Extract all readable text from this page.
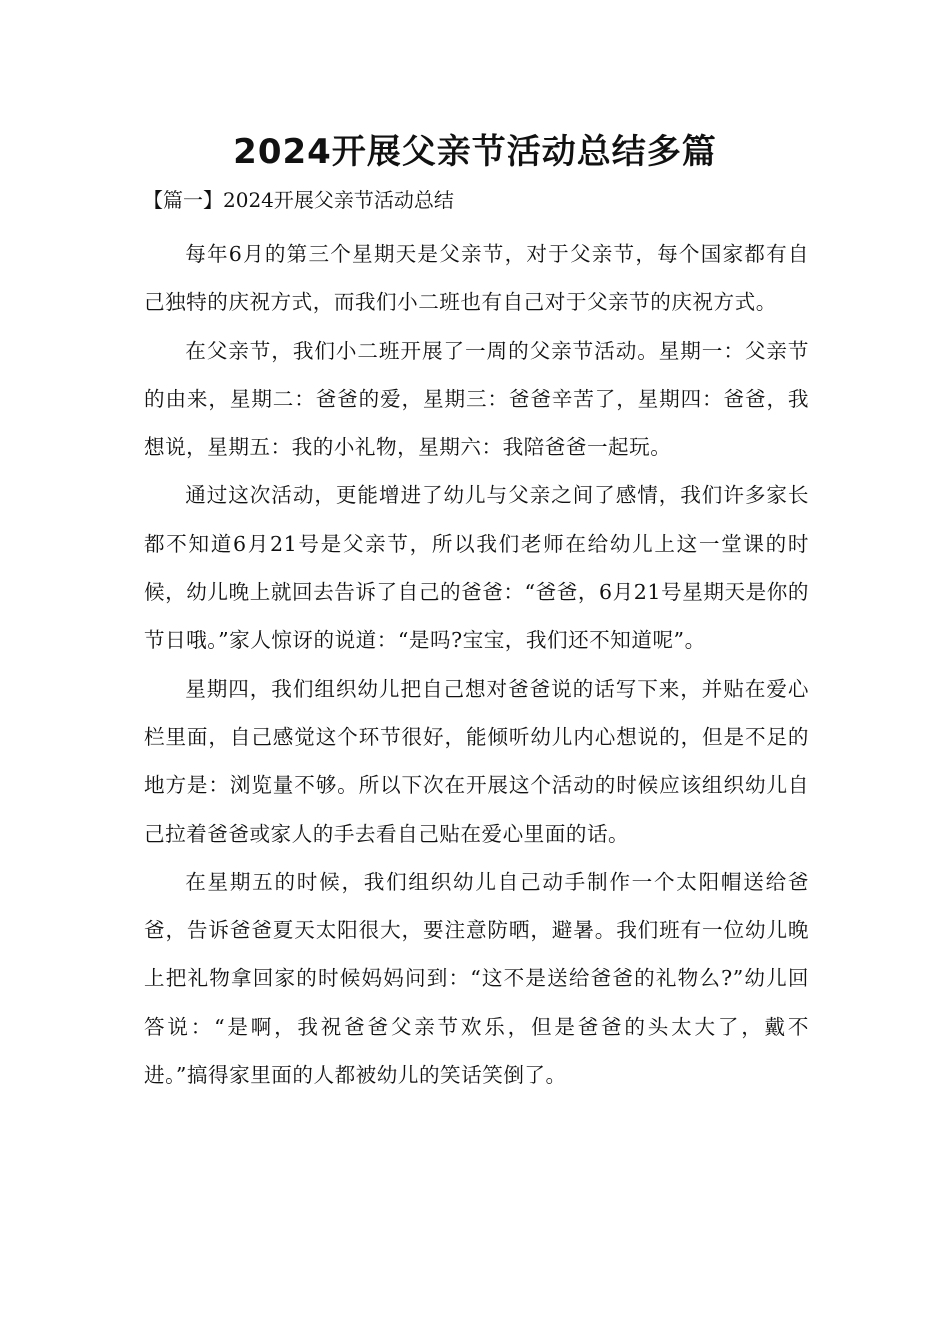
2024开展父亲节活动总结多篇
【篇一】2024开展父亲节活动总结

每年6月的第三个星期天是父亲节，对于父亲节，每个国家都有自己独特的庆祝方式，而我们小二班也有自己对于父亲节的庆祝方式。

在父亲节，我们小二班开展了一周的父亲节活动。星期一：父亲节的由来，星期二：爸爸的爱，星期三：爸爸辛苦了，星期四：爸爸，我想说，星期五：我的小礼物，星期六：我陪爸爸一起玩。

通过这次活动，更能增进了幼儿与父亲之间了感情，我们许多家长都不知道6月21号是父亲节，所以我们老师在给幼儿上这一堂课的时候，幼儿晚上就回去告诉了自己的爸爸：“爸爸，6月21号星期天是你的节日哦。”家人惊讶的说道：“是吗?宝宝，我们还不知道呢”。

星期四，我们组织幼儿把自己想对爸爸说的话写下来，并贴在爱心栏里面，自己感觉这个环节很好，能倾听幼儿内心想说的，但是不足的地方是：浏览量不够。所以下次在开展这个活动的时候应该组织幼儿自己拉着爸爸或家人的手去看自己贴在爱心里面的话。

在星期五的时候，我们组织幼儿自己动手制作一个太阳帽送给爸爸，告诉爸爸夏天太阳很大，要注意防晒，避暑。我们班有一位幼儿晚上把礼物拿回家的时候妈妈问到：“这不是送给爸爸的礼物么?”幼儿回答说：“是啊，我祝爸爸父亲节欢乐，但是爸爸的头太大了，戴不进。”搞得家里面的人都被幼儿的笑话笑倒了。
